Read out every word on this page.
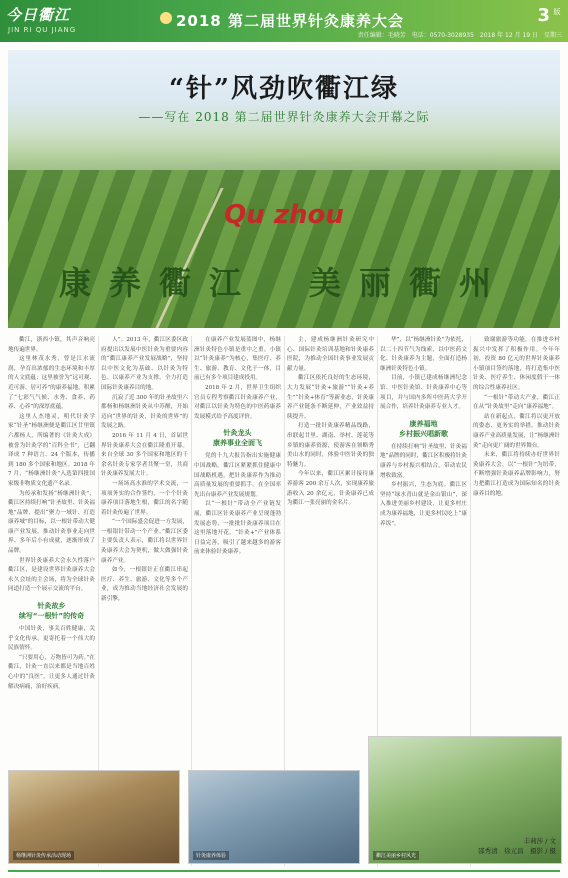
今日衢江
JIN RI QU JIANG	2018 第二届世界针灸康养大会	3 版
责任编辑：毛晓芳　电话：0570-3028935　2018 年 12 月 19 日　星期三
“针”风劲吹衢江绿
——写在 2018 第二届世界针灸康养大会开幕之际
Qu zhou
康养衢江　美丽衢州

衢江，浙西小镇，其声音响亮地传遍世界。

这里林茂水秀，曾是江水流润，孕育出浓郁的生态环境和丰厚的人文底蕴；这里被誉为“远可观、近可游、居可养”的康养福地，积累了“七彩气气候、水秀、食养、药养、心养”的深厚底蕴。

这里人杰地灵，明代针灸学家“针圣”杨继洲便是衢江区廿里镇六都杨人，所编著的《针灸大成》被誉为针灸学的“百科全书”，已翻译成 7 种语言、24 个版本，传播到 180 多个国家和地区。2018 年 7 月，“杨继洲针灸”入选第四批国家级非物质文化遗产名录。

为传承和发扬“杨继洲针灸”，衢江区持续打响“针圣故里、针灸福地”品牌，提出“聚力一域针、打造康养城”的目标，以一根针带动大健康产业发展，推动针灸事业走向世界、多年后小有成就，逐渐形成了品牌。

世界针灸康养大会永久性落户衢江区，是建设世界针灸康养大会永久会址的主会场，将为全球针灸同道打造一个展示交流的平台。

针灸故乡
续写“一根针”的传奇

中国针灸，事关百姓健康，关乎文化传承，更寄托着一个伟大的民族情怀。

“只要用心，万物皆可为药。”在衢江，针灸一直以来都是当地百姓心中的“良医”，让更多人通过针灸解决病痛，治好疾病。

人”。2013 年，衢江区委区政府提出以发展中医针灸为重要内容的“衢江康养产业发展战略”，坚持以中医文化为基础、以针灸为特色、以康养产业为支撑，全力打造国际针灸康养目的地。

沉寂了近 300 年的针圣故里六都杨和杨继洲针灸从中苏醒，开始迈向“世界的针灸，针灸的世界”的发展之路。

2016 年 11 月 4 日，首届世界针灸康养大会在衢江隆重开幕。来自全球 30 多个国家和地区的千余名针灸专家学者共聚一堂，共商针灸康养发展大计。

一场场高水准的学术交流，一项项务实的合作签约，一个个针灸康养项目落地生根，衢江的名字随着针灸传遍了世界。

“一个国际盛会促进一方发展，一根银针带动一个产业。”衢江区委主要负责人表示，衢江将以世界针灸康养大会为契机，做大做强针灸康养产业。

如今，一根银针正在衢江串起医疗、养生、旅游、文化等多个产业，成为推动当地经济社会发展的新引擎。

在康养产业发展蓝图中，杨继洲针灸特色小镇是重中之重。小镇以“针灸康养”为核心，集医疗、养生、旅游、教育、文化于一体，目前已有多个项目建成投用。

2018 年 2 月，世界卫生组织官员专程考察衢江针灸康养产业，对衢江以针灸为特色的中医药康养发展模式给予高度评价。

针灸龙头
康养事业全面飞

党的十九大报告指出实施健康中国战略。衢江区紧紧抓住健康中国战略机遇，把针灸康养作为推动高质量发展的重要抓手，在全国率先出台康养产业发展规划。

以“一根针”带动全产业链发展，衢江区针灸康养产业呈现蓬勃发展态势，一批批针灸康养项目在这里落地开花，“针灸+”产业体系日益完善，吸引了越来越多的游客前来体验针灸康养。

主，建成杨继洲针灸研究中心、国际针灸培训基地和针灸康养医院，为推动全国针灸事业发展贡献力量。

衢江区依托良好的生态环境，大力发展“针灸+旅游”“针灸+养生”“针灸+体育”等新业态，针灸康养产业链条不断延伸，产业效益持续提升。

打造一批针灸康养精品线路，串联起廿里、湖南、举村、莲花等乡镇的康养资源，使游客在领略秀美山水的同时，体验中医针灸的独特魅力。

今年以来，衢江区累计接待康养游客 200 余万人次，实现康养旅游收入 20 余亿元，针灸康养已成为衢江一张亮丽的金名片。

华”，以“杨继洲针灸”为依托，以二十四节气为线索，以中医药文化、针灸康养为主题，全面打造杨继洲针灸特色小镇。

目前，小镇已建成杨继洲纪念馆、中医针灸馆、针灸康养中心等项目，并与国内多所中医药大学开展合作，培养针灸康养专业人才。

康养福地
乡村振兴唱新歌

在持续打响“针圣故里、针灸福地”品牌的同时，衢江区积极将针灸康养与乡村振兴相结合，带动农民增收致富。

乡村振兴，生态为底。衢江区坚持“绿水青山就是金山银山”，深入推进美丽乡村建设，让更多村庄成为康养福地，让更多村民吃上“康养饭”。

致谢旅游等功能，在推进乡村振兴中发挥了积极作用。今年年初，投资 80 亿元的世界针灸康养小镇项目签约落地，将打造集中医针灸、医疗养生、休闲度假于一体的综合性康养社区。

“一根针”带动大产业，衢江正在从“针灸故里”走向“康养福地”。

站在新起点，衢江将以更开放的姿态、更务实的举措，推动针灸康养产业高质量发展，让“杨继洲针灸”走向更广阔的世界舞台。

未来，衢江将持续办好世界针灸康养大会，以“一根针”为纽带，不断增强针灸康养品牌影响力，努力把衢江打造成为国际知名的针灸康养目的地。

杨继洲针灸传承活动现场	针灸康养体验	衢江美丽乡村风光
丰莉莎 / 文
邵秀清　徐元昌　摄影 / 摄
